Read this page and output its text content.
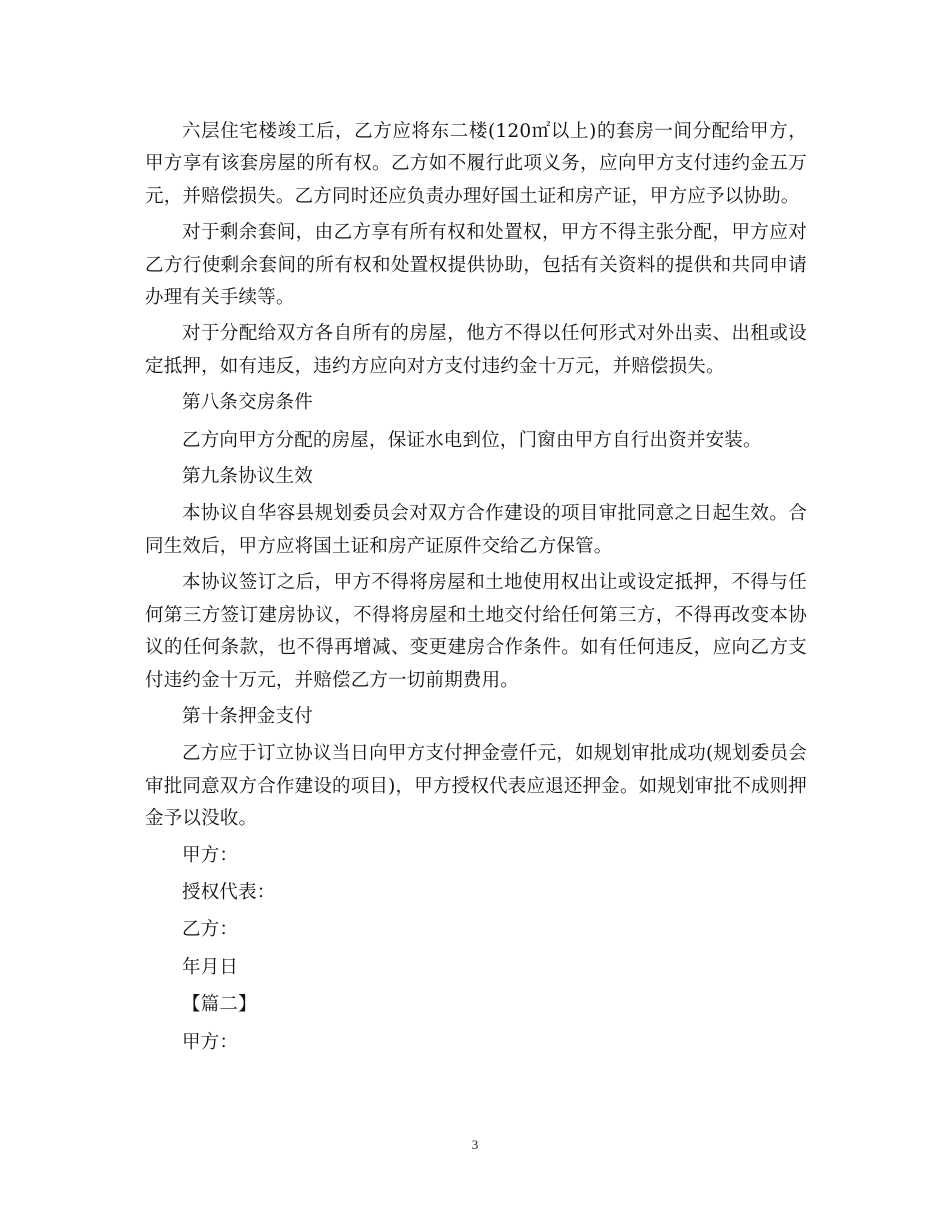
六层住宅楼竣工后，乙方应将东二楼(120㎡以上)的套房一间分配给甲方，甲方享有该套房屋的所有权。乙方如不履行此项义务，应向甲方支付违约金五万元，并赔偿损失。乙方同时还应负责办理好国土证和房产证，甲方应予以协助。

对于剩余套间，由乙方享有所有权和处置权，甲方不得主张分配，甲方应对乙方行使剩余套间的所有权和处置权提供协助，包括有关资料的提供和共同申请办理有关手续等。

对于分配给双方各自所有的房屋，他方不得以任何形式对外出卖、出租或设定抵押，如有违反，违约方应向对方支付违约金十万元，并赔偿损失。

第八条交房条件

乙方向甲方分配的房屋，保证水电到位，门窗由甲方自行出资并安装。

第九条协议生效

本协议自华容县规划委员会对双方合作建设的项目审批同意之日起生效。合同生效后，甲方应将国土证和房产证原件交给乙方保管。

本协议签订之后，甲方不得将房屋和土地使用权出让或设定抵押，不得与任何第三方签订建房协议，不得将房屋和土地交付给任何第三方，不得再改变本协议的任何条款，也不得再增减、变更建房合作条件。如有任何违反，应向乙方支付违约金十万元，并赔偿乙方一切前期费用。

第十条押金支付

乙方应于订立协议当日向甲方支付押金壹仟元，如规划审批成功(规划委员会审批同意双方合作建设的项目)，甲方授权代表应退还押金。如规划审批不成则押金予以没收。

甲方：

授权代表：

乙方：

年月日

【篇二】

甲方：

3
